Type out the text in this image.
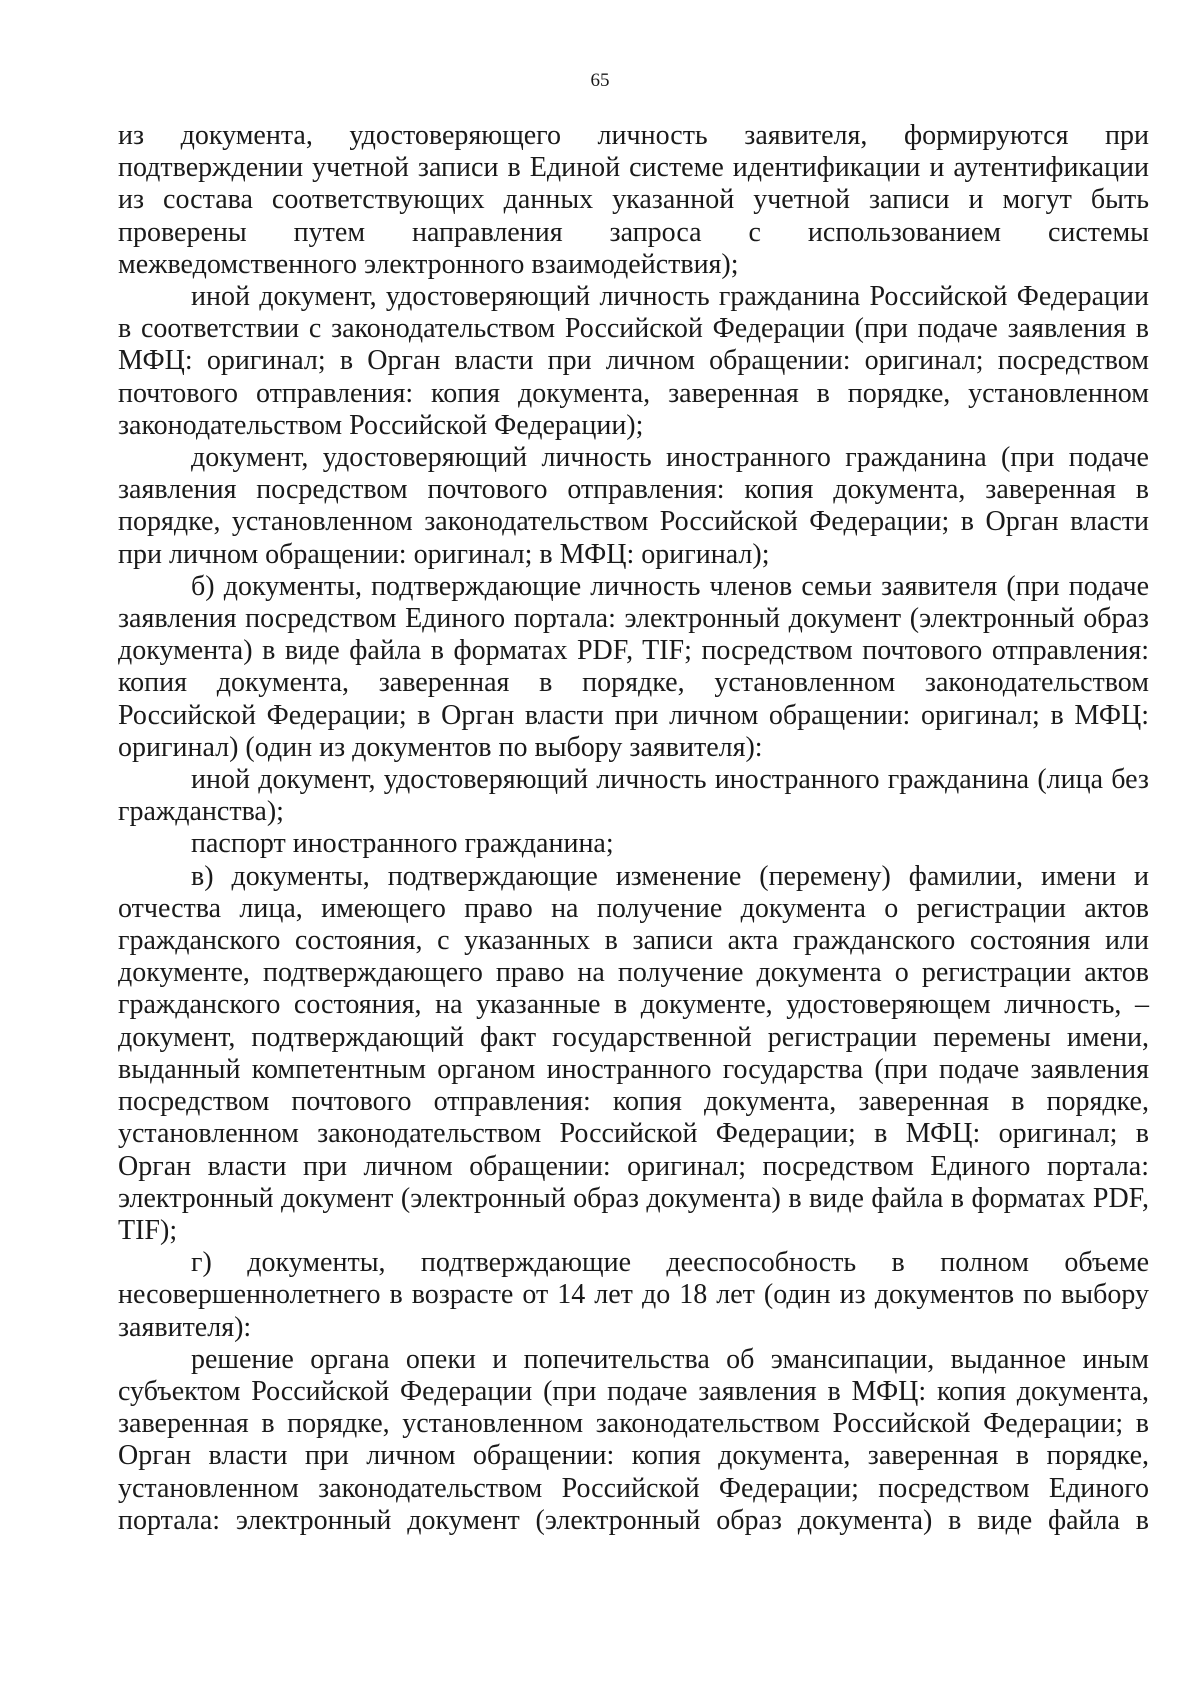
65

из документа, удостоверяющего личность заявителя, формируются при подтверждении учетной записи в Единой системе идентификации и аутентификации из состава соответствующих данных указанной учетной записи и могут быть проверены путем направления запроса с использованием системы межведомственного электронного взаимодействия);

иной документ, удостоверяющий личность гражданина Российской Федерации в соответствии с законодательством Российской Федерации (при подаче заявления в МФЦ: оригинал; в Орган власти при личном обращении: оригинал; посредством почтового отправления: копия документа, заверенная в порядке, установленном законодательством Российской Федерации);

документ, удостоверяющий личность иностранного гражданина (при подаче заявления посредством почтового отправления: копия документа, заверенная в порядке, установленном законодательством Российской Федерации; в Орган власти при личном обращении: оригинал; в МФЦ: оригинал);

б) документы, подтверждающие личность членов семьи заявителя (при подаче заявления посредством Единого портала: электронный документ (электронный образ документа) в виде файла в форматах PDF, TIF; посредством почтового отправления: копия документа, заверенная в порядке, установленном законодательством Российской Федерации; в Орган власти при личном обращении: оригинал; в МФЦ: оригинал) (один из документов по выбору заявителя):

иной документ, удостоверяющий личность иностранного гражданина (лица без гражданства);

паспорт иностранного гражданина;

в) документы, подтверждающие изменение (перемену) фамилии, имени и отчества лица, имеющего право на получение документа о регистрации актов гражданского состояния, с указанных в записи акта гражданского состояния или документе, подтверждающего право на получение документа о регистрации актов гражданского состояния, на указанные в документе, удостоверяющем личность, – документ, подтверждающий факт государственной регистрации перемены имени, выданный компетентным органом иностранного государства (при подаче заявления посредством почтового отправления: копия документа, заверенная в порядке, установленном законодательством Российской Федерации; в МФЦ: оригинал; в Орган власти при личном обращении: оригинал; посредством Единого портала: электронный документ (электронный образ документа) в виде файла в форматах PDF, TIF);

г) документы, подтверждающие дееспособность в полном объеме несовершеннолетнего в возрасте от 14 лет до 18 лет (один из документов по выбору заявителя):

решение органа опеки и попечительства об эмансипации, выданное иным субъектом Российской Федерации (при подаче заявления в МФЦ: копия документа, заверенная в порядке, установленном законодательством Российской Федерации; в Орган власти при личном обращении: копия документа, заверенная в порядке, установленном законодательством Российской Федерации; посредством Единого портала: электронный документ (электронный образ документа) в виде файла в
